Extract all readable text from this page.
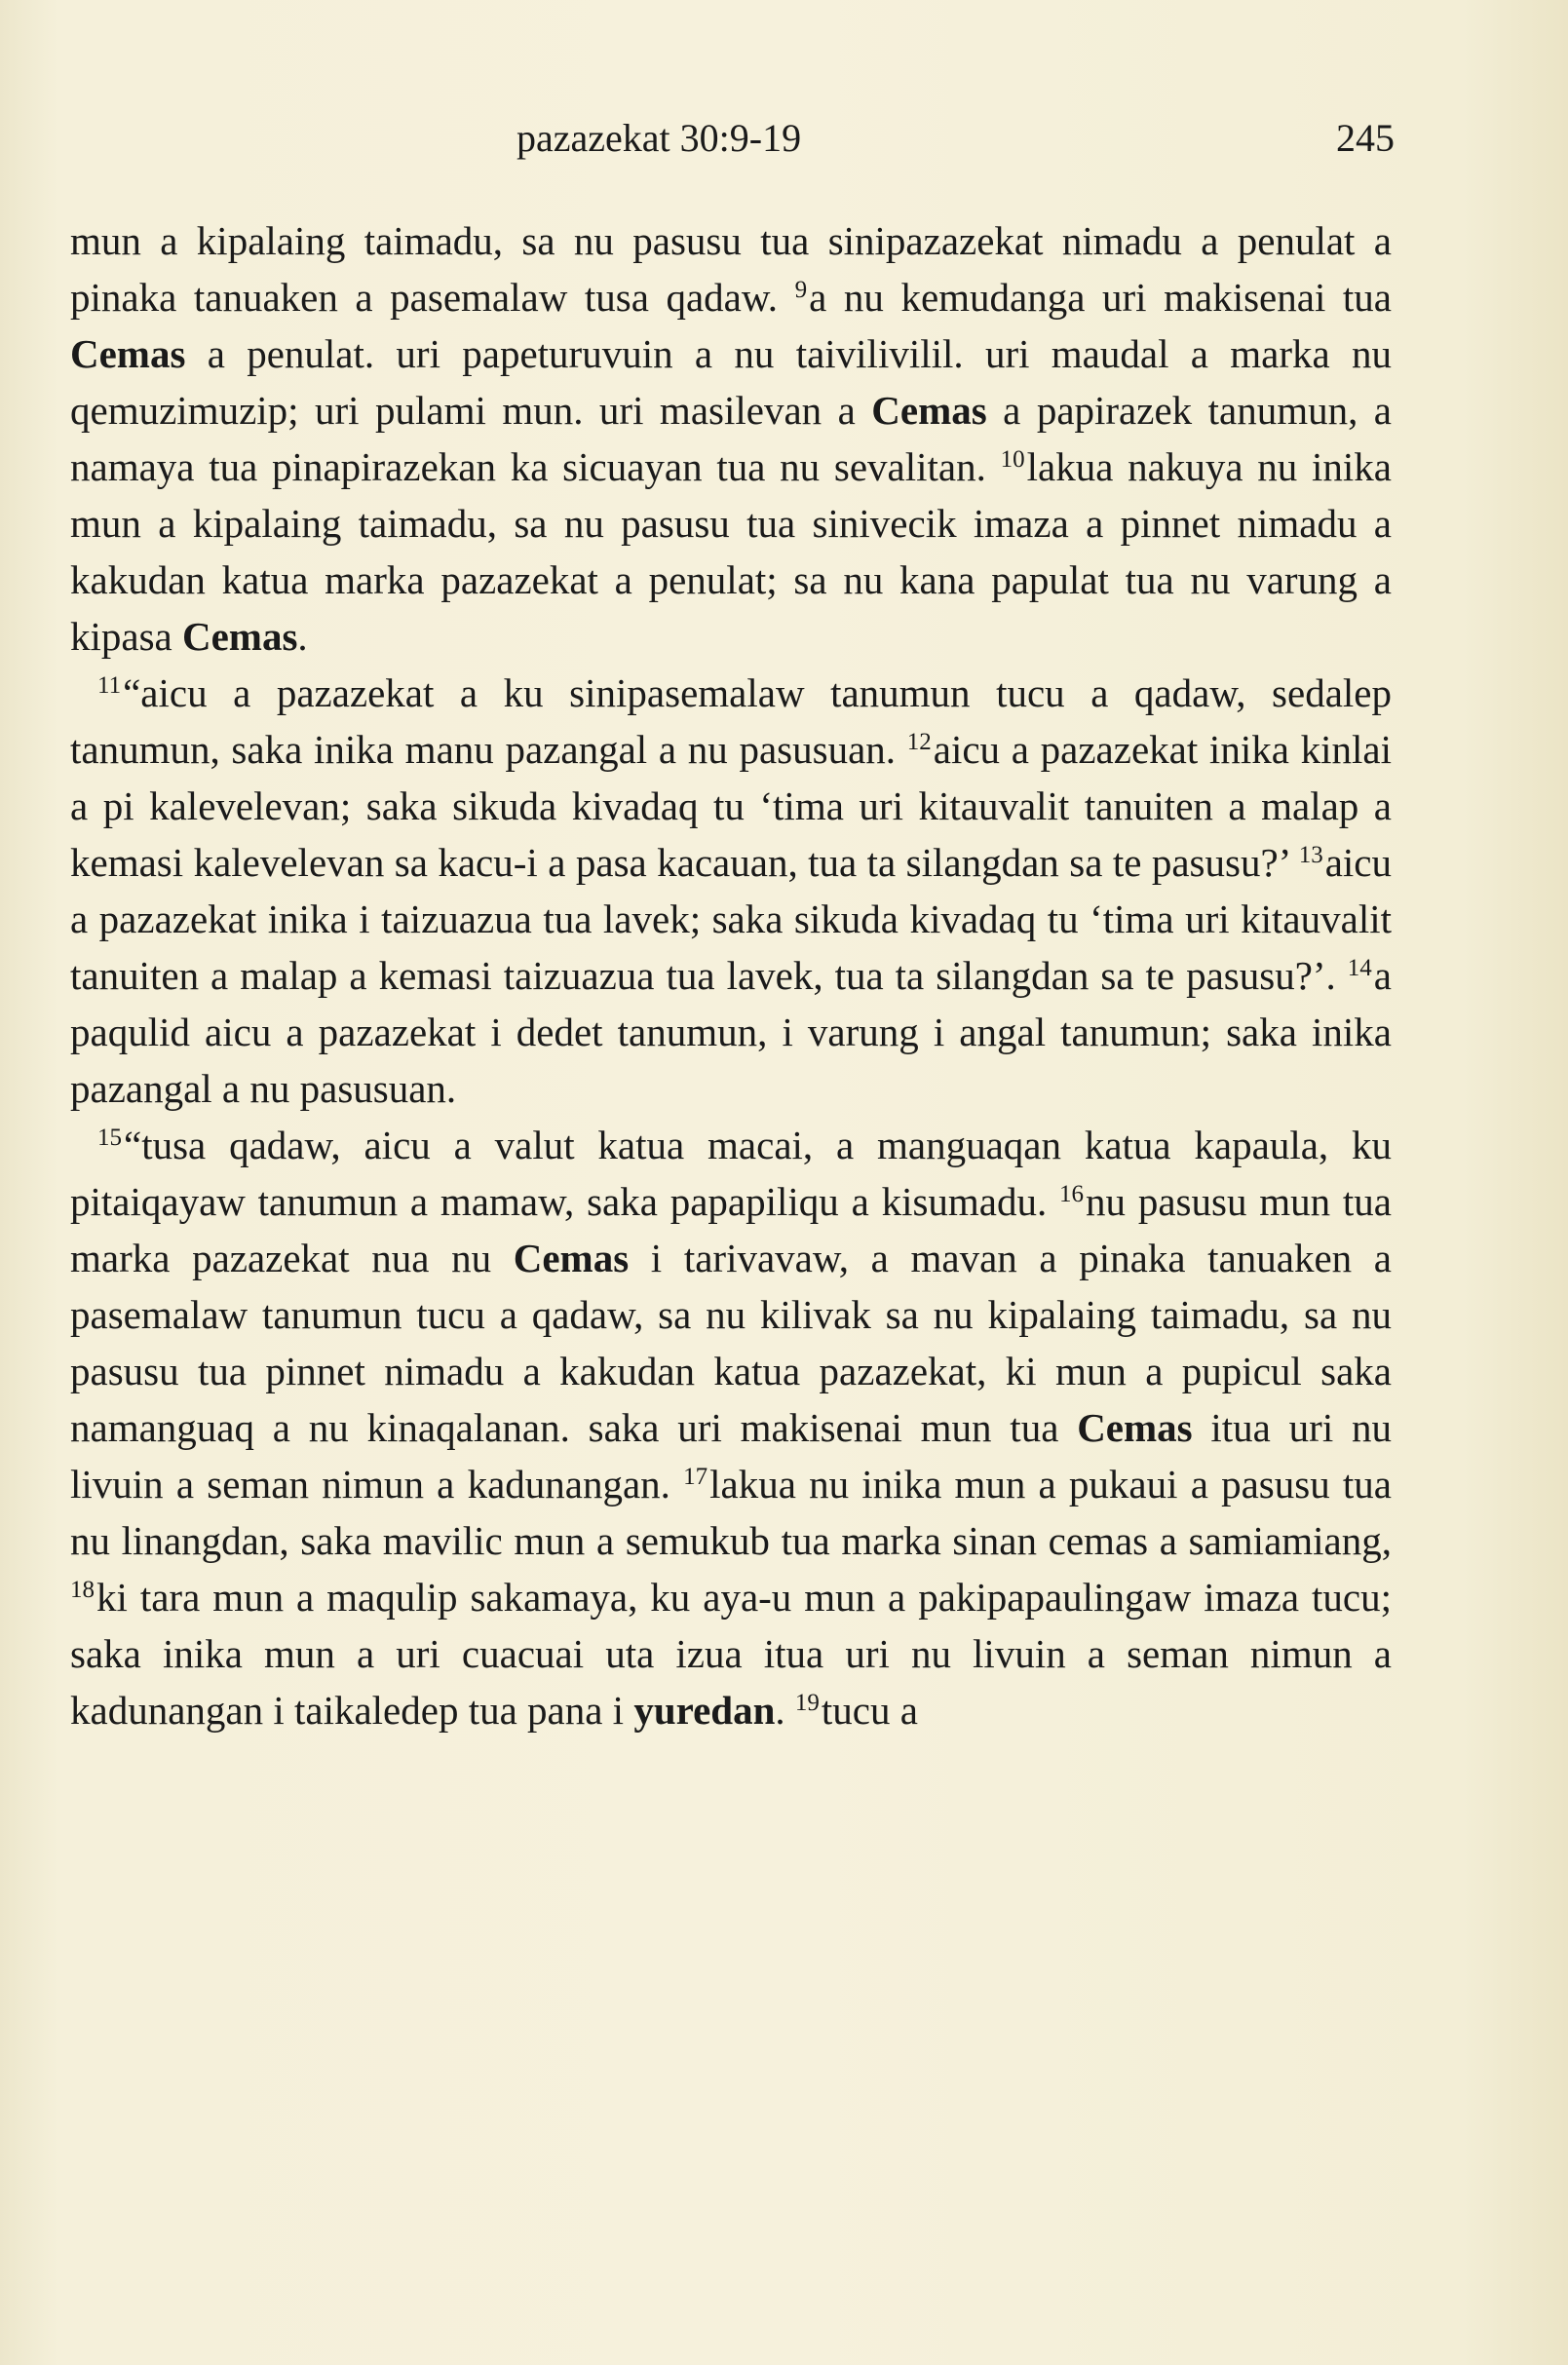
pazazekat 30:9-19	245

mun a kipalaing taimadu, sa nu pasusu tua sinipazazekat nimadu a penulat a pinaka tanuaken a pasemalaw tusa qadaw. $^9$a nu kemudanga uri makisenai tua Cemas a penulat. uri papeturuvuin a nu taivilivilil. uri maudal a marka nu qemuzimuzip; uri pulami mun. uri masilevan a Cemas a papirazek tanumun, a namaya tua pinapirazekan ka sicuayan tua nu sevalitan. $^{10}$lakua nakuya nu inika mun a kipalaing taimadu, sa nu pasusu tua sinivecik imaza a pinnet nimadu a kakudan katua marka pazazekat a penulat; sa nu kana papulat tua nu varung a kipasa Cemas.

$^{11}$“aicu a pazazekat a ku sinipasemalaw tanumun tucu a qadaw, sedalep tanumun, saka inika manu pazangal a nu pasusuan. $^{12}$aicu a pazazekat inika kinlai a pi kalevelevan; saka sikuda kivadaq tu ‘tima uri kitauvalit tanuiten a malap a kemasi kalevelevan sa kacu-i a pasa kacauan, tua ta silangdan sa te pasusu?’ $^{13}$aicu a pazazekat inika i taizuazua tua lavek; saka sikuda kivadaq tu ‘tima uri kitauvalit tanuiten a malap a kemasi taizuazua tua lavek, tua ta silangdan sa te pasusu?’. $^{14}$a paqulid aicu a pazazekat i dedet tanumun, i varung i angal tanumun; saka inika pazangal a nu pasusuan.

$^{15}$“tusa qadaw, aicu a valut katua macai, a manguaqan katua kapaula, ku pitaiqayaw tanumun a mamaw, saka papapiliqu a kisumadu. $^{16}$nu pasusu mun tua marka pazazekat nua nu Cemas i tarivavaw, a mavan a pinaka tanuaken a pasemalaw tanumun tucu a qadaw, sa nu kilivak sa nu kipalaing taimadu, sa nu pasusu tua pinnet nimadu a kakudan katua pazazekat, ki mun a pupicul saka namanguaq a nu kinaqalanan. saka uri makisenai mun tua Cemas itua uri nu livuin a seman nimun a kadunangan. $^{17}$lakua nu inika mun a pukaui a pasusu tua nu linangdan, saka mavilic mun a semukub tua marka sinan cemas a samiamiang, $^{18}$ki tara mun a maqulip sakamaya, ku aya-u mun a pakipapaulingaw imaza tucu; saka inika mun a uri cuacuai uta izua itua uri nu livuin a seman nimun a kadunangan i taikaledep tua pana i yuredan. $^{19}$tucu a
